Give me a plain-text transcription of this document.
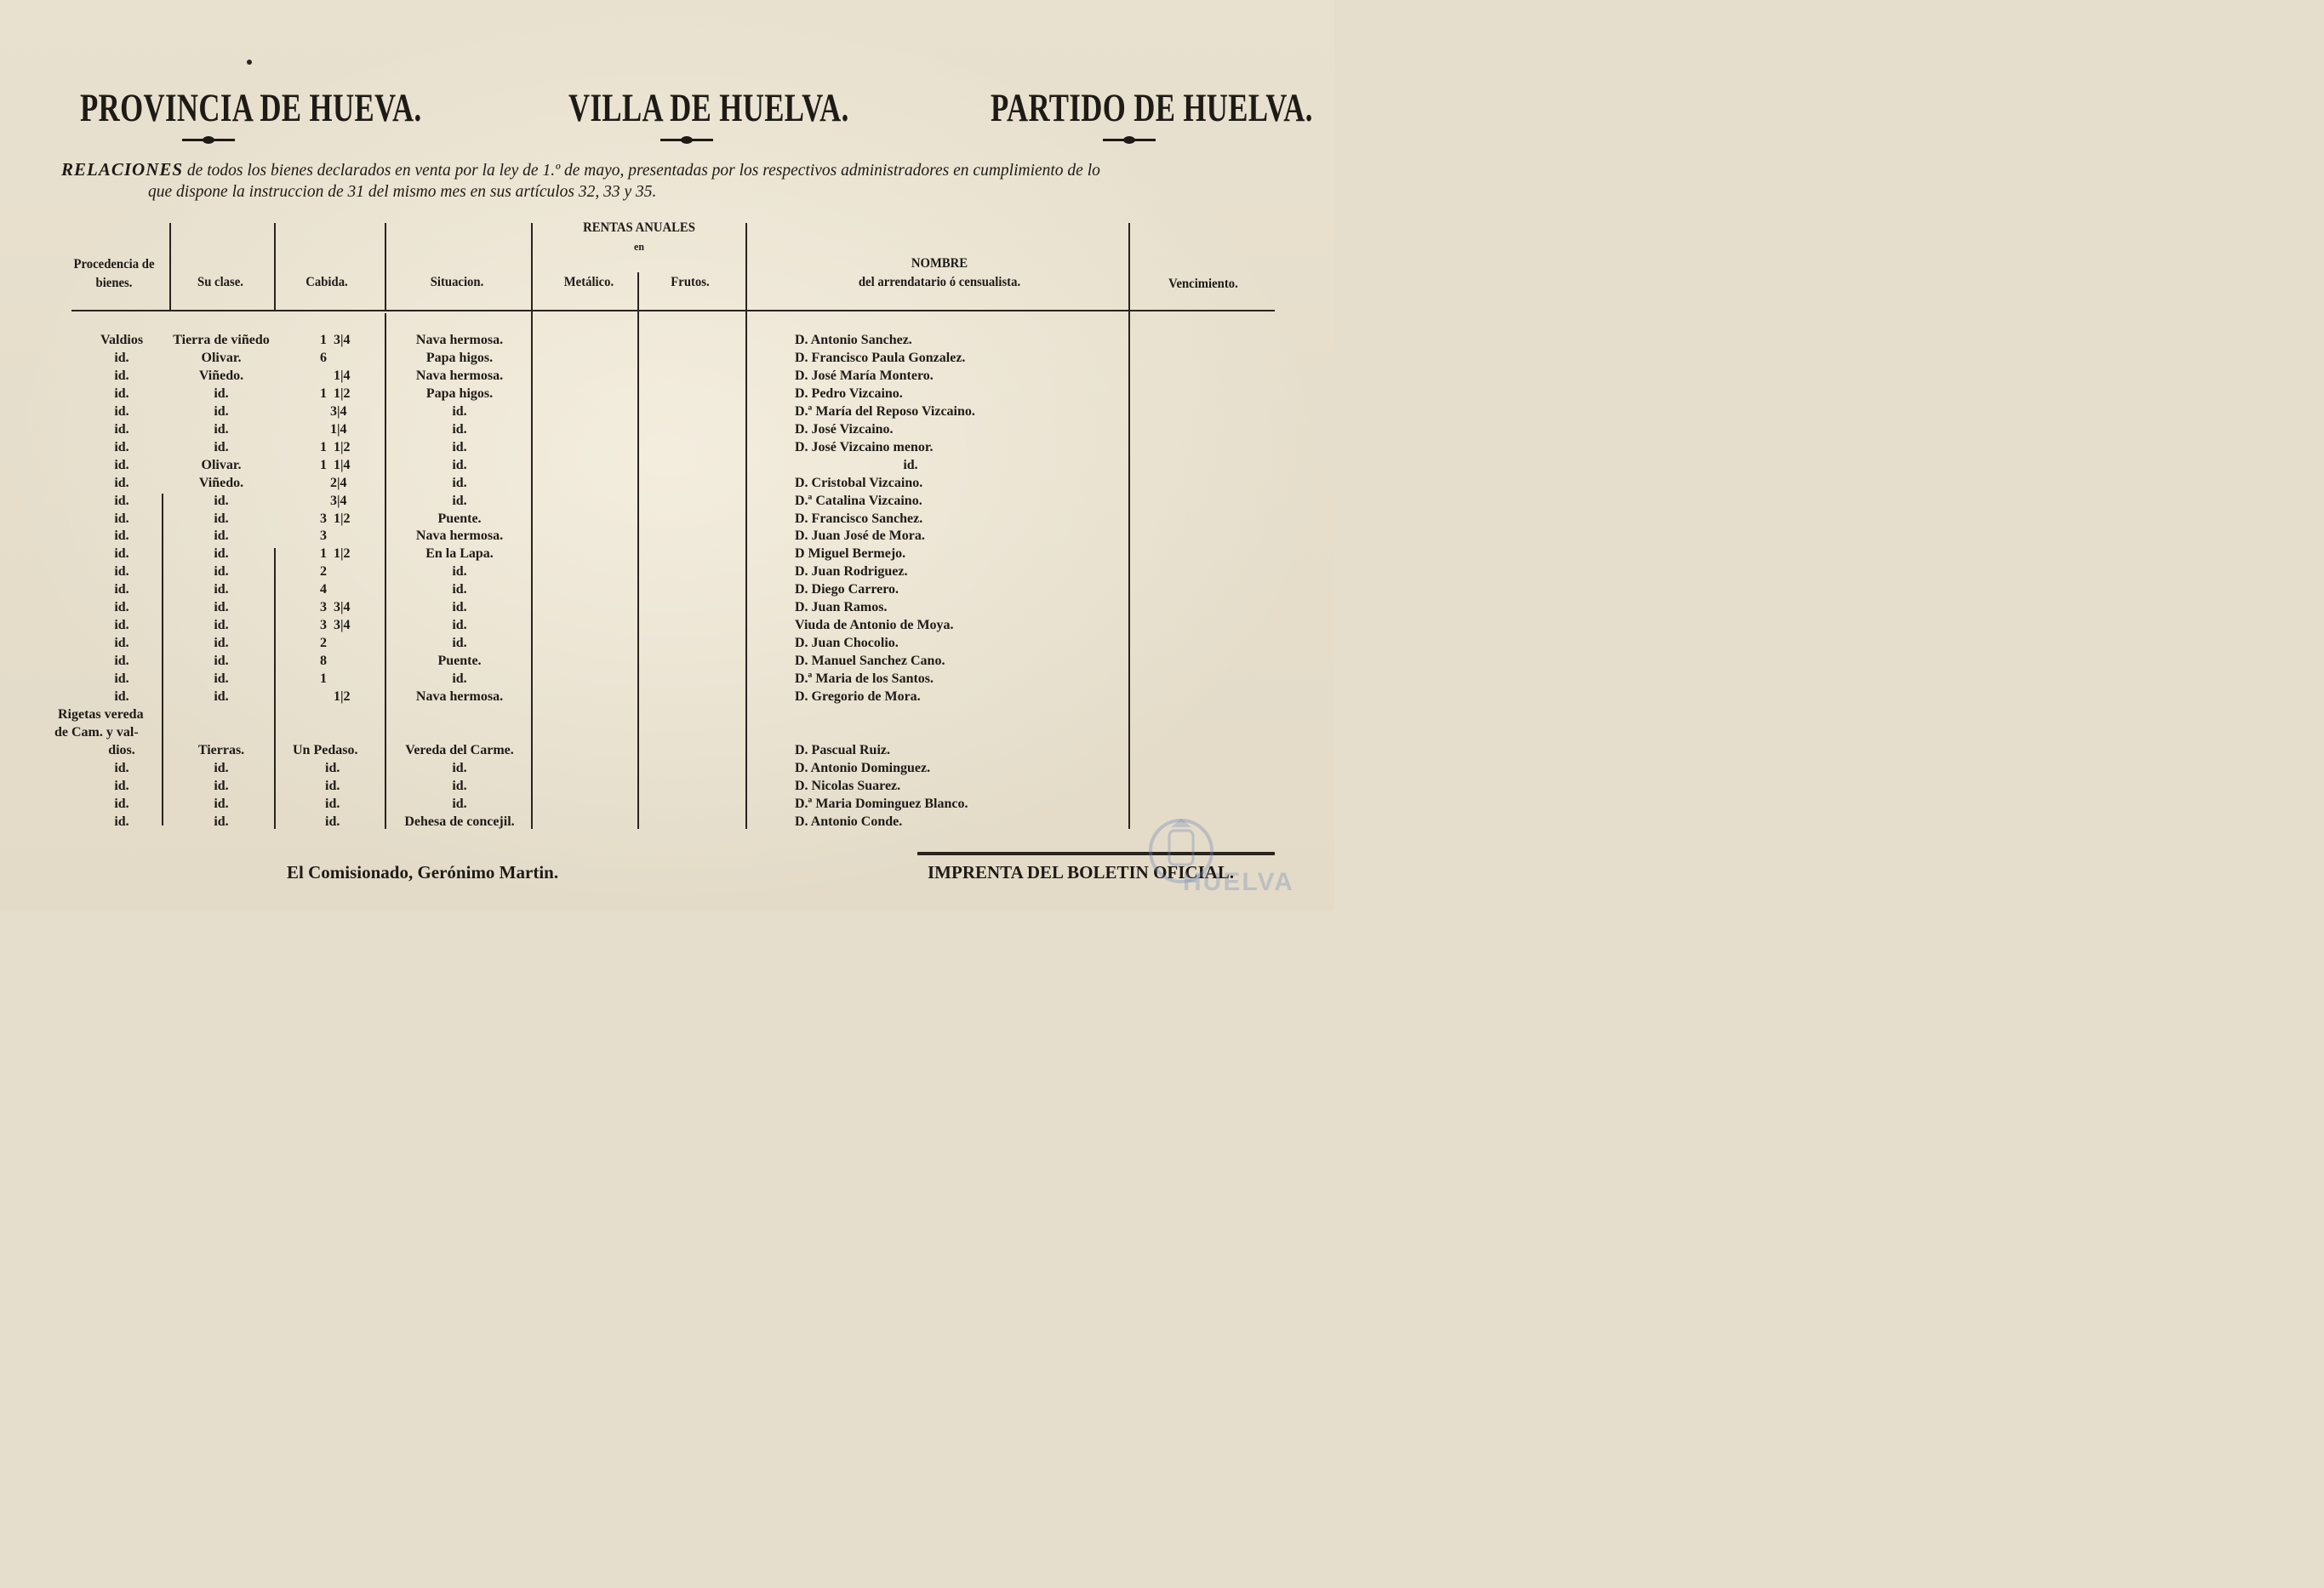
PROVINCIA DE HUEVA.	VILLA DE HUELVA.	PARTIDO DE HUELVA.
RELACIONES de todos los bienes declarados en venta por la ley de 1.º de mayo, presentadas por los respectivos administradores en cumplimiento de lo
que dispone la instruccion de 31 del mismo mes en sus artículos 32, 33 y 35.
Procedencia de bienes.	Su clase.	Cabida.	Situacion.
RENTAS ANUALES
en
Metálico.	Frutos.
NOMBRE
del arrendatario ó censualista.	Vencimiento.
Valdios	Tierra de viñedo	1  3|4	Nava hermosa.	D. Antonio Sanchez.
id.	Olivar.	6	Papa higos.	D. Francisco Paula Gonzalez.
id.	Viñedo.	1|4	Nava hermosa.	D. José María Montero.
id.	id.	1  1|2	Papa higos.	D. Pedro Vizcaino.
id.	id.	3|4	id.	D.ª María del Reposo Vizcaino.
id.	id.	1|4	id.	D. José Vizcaino.
id.	id.	1  1|2	id.	D. José Vizcaino menor.
id.	Olivar.	1  1|4	id.	id.
id.	Viñedo.	2|4	id.	D. Cristobal Vizcaino.
id.	id.	3|4	id.	D.ª Catalina Vizcaino.
id.	id.	3  1|2	Puente.	D. Francisco Sanchez.
id.	id.	3	Nava hermosa.	D. Juan José de Mora.
id.	id.	1  1|2	En la Lapa.	D Miguel Bermejo.
id.	id.	2	id.	D. Juan Rodriguez.
id.	id.	4	id.	D. Diego Carrero.
id.	id.	3  3|4	id.	D. Juan Ramos.
id.	id.	3  3|4	id.	Viuda de Antonio de Moya.
id.	id.	2	id.	D. Juan Chocolio.
id.	id.	8	Puente.	D. Manuel Sanchez Cano.
id.	id.	1	id.	D.ª Maria de los Santos.
id.	id.	1|2	Nava hermosa.	D. Gregorio de Mora.
Rigetas vereda
de Cam. y val-
dios.	Tierras.	Un Pedaso.	Vereda del Carme.	D. Pascual Ruiz.
id.	id.	id.	id.	D. Antonio Dominguez.
id.	id.	id.	id.	D. Nicolas Suarez.
id.	id.	id.	id.	D.ª Maria Dominguez Blanco.
id.	id.	id.	Dehesa de concejil.	D. Antonio Conde.
El Comisionado, Gerónimo Martin.	IMPRENTA DEL BOLETIN OFICIAL.
HUELVA
